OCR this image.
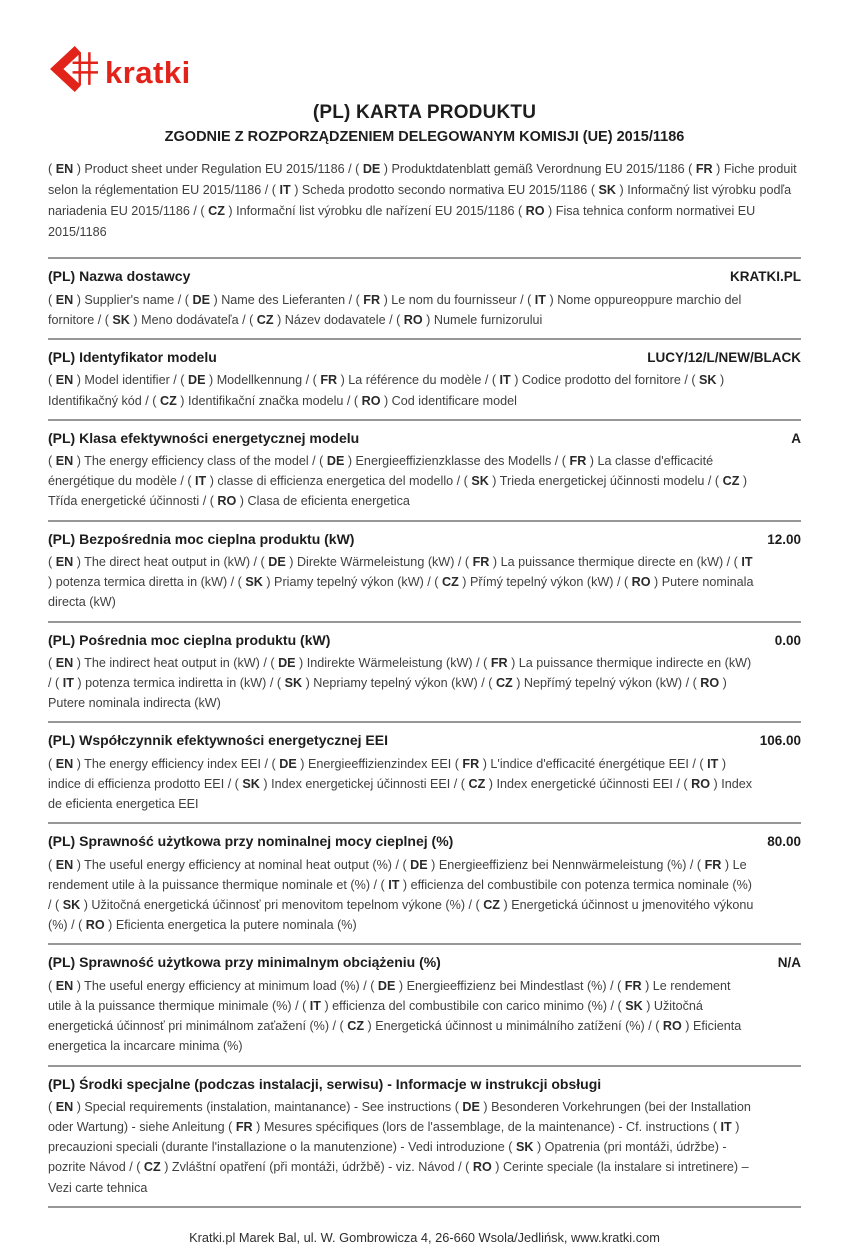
kratki
(PL) KARTA PRODUKTU
ZGODNIE Z ROZPORZĄDZENIEM DELEGOWANYM KOMISJI (UE) 2015/1186

( EN ) Product sheet under Regulation EU 2015/1186 / ( DE ) Produktdatenblatt gemäß Verordnung EU 2015/1186 ( FR ) Fiche produit selon la réglementation EU 2015/1186 / ( IT ) Scheda prodotto secondo normativa EU 2015/1186 ( SK ) Informačný list výrobku podľa nariadenia EU 2015/1186 / ( CZ ) Informační list výrobku dle nařízení EU 2015/1186 ( RO ) Fisa tehnica conform normativei EU 2015/1186

(PL) Nazwa dostawcy	KRATKI.PL

( EN ) Supplier's name / ( DE ) Name des Lieferanten / ( FR ) Le nom du fournisseur / ( IT ) Nome oppureoppure marchio del fornitore / ( SK ) Meno dodávateľa / ( CZ ) Název dodavatele / ( RO ) Numele furnizorului

(PL) Identyfikator modelu	LUCY/12/L/NEW/BLACK

( EN ) Model identifier / ( DE ) Modellkennung / ( FR ) La référence du modèle / ( IT ) Codice prodotto del fornitore / ( SK ) Identifikačný kód / ( CZ ) Identifikační značka modelu / ( RO ) Cod identificare model

(PL) Klasa efektywności energetycznej modelu	A

( EN ) The energy efficiency class of the model / ( DE ) Energieeffizienzklasse des Modells / ( FR ) La classe d'efficacité énergétique du modèle / ( IT ) classe di efficienza energetica del modello / ( SK ) Trieda energetickej účinnosti modelu / ( CZ ) Třída energetické účinnosti / ( RO ) Clasa de eficienta energetica

(PL) Bezpośrednia moc cieplna produktu (kW)	12.00

( EN ) The direct heat output in (kW) / ( DE ) Direkte Wärmeleistung (kW) / ( FR ) La puissance thermique directe en (kW) / ( IT ) potenza termica diretta in (kW) / ( SK ) Priamy tepelný výkon (kW) / ( CZ ) Přímý tepelný výkon (kW) / ( RO ) Putere nominala directa (kW)

(PL) Pośrednia moc cieplna produktu (kW)	0.00

( EN ) The indirect heat output in (kW) / ( DE ) Indirekte Wärmeleistung (kW) / ( FR ) La puissance thermique indirecte en (kW) / ( IT ) potenza termica indiretta in (kW) / ( SK ) Nepriamy tepelný výkon (kW) / ( CZ ) Nepřímý tepelný výkon (kW) / ( RO ) Putere nominala indirecta (kW)

(PL) Współczynnik efektywności energetycznej EEI	106.00

( EN ) The energy efficiency index EEI / ( DE ) Energieeffizienzindex EEI ( FR ) L'indice d'efficacité énergétique EEI / ( IT ) indice di efficienza prodotto EEI / ( SK ) Index energetickej účinnosti EEI / ( CZ ) Index energetické účinnosti EEI / ( RO ) Index de eficienta energetica EEI

(PL) Sprawność użytkowa przy nominalnej mocy cieplnej (%)	80.00

( EN ) The useful energy efficiency at nominal heat output (%) / ( DE ) Energieeffizienz bei Nennwärmeleistung (%) / ( FR ) Le rendement utile à la puissance thermique nominale et (%) / ( IT ) efficienza del combustibile con potenza termica nominale (%) / ( SK ) Užitočná energetická účinnosť pri menovitom tepelnom výkone (%) / ( CZ ) Energetická účinnost u jmenovitého výkonu (%) / ( RO ) Eficienta energetica la putere nominala (%)

(PL) Sprawność użytkowa przy minimalnym obciążeniu (%)	N/A

( EN ) The useful energy efficiency at minimum load (%) / ( DE ) Energieeffizienz bei Mindestlast (%) / ( FR ) Le rendement utile à la puissance thermique minimale (%) / ( IT ) efficienza del combustibile con carico minimo (%) / ( SK ) Užitočná energetická účinnosť pri minimálnom zaťažení (%) / ( CZ ) Energetická účinnost u minimálního zatížení (%) / ( RO ) Eficienta energetica la incarcare minima (%)

(PL) Środki specjalne (podczas instalacji, serwisu) - Informacje w instrukcji obsługi

( EN ) Special requirements (instalation, maintanance) - See instructions ( DE ) Besonderen Vorkehrungen (bei der Installation oder Wartung) - siehe Anleitung ( FR ) Mesures spécifiques (lors de l'assemblage, de la maintenance) - Cf. instructions ( IT ) precauzioni speciali (durante l'installazione o la manutenzione) - Vedi introduzione ( SK ) Opatrenia (pri montáži, údržbe) - pozrite Návod / ( CZ ) Zvláštní opatření (při montáži, údržbě) - viz. Návod / ( RO ) Cerinte speciale (la instalare si intretinere) – Vezi carte tehnica

Kratki.pl Marek Bal, ul. W. Gombrowicza 4, 26-660 Wsola/Jedlińsk, www.kratki.com
